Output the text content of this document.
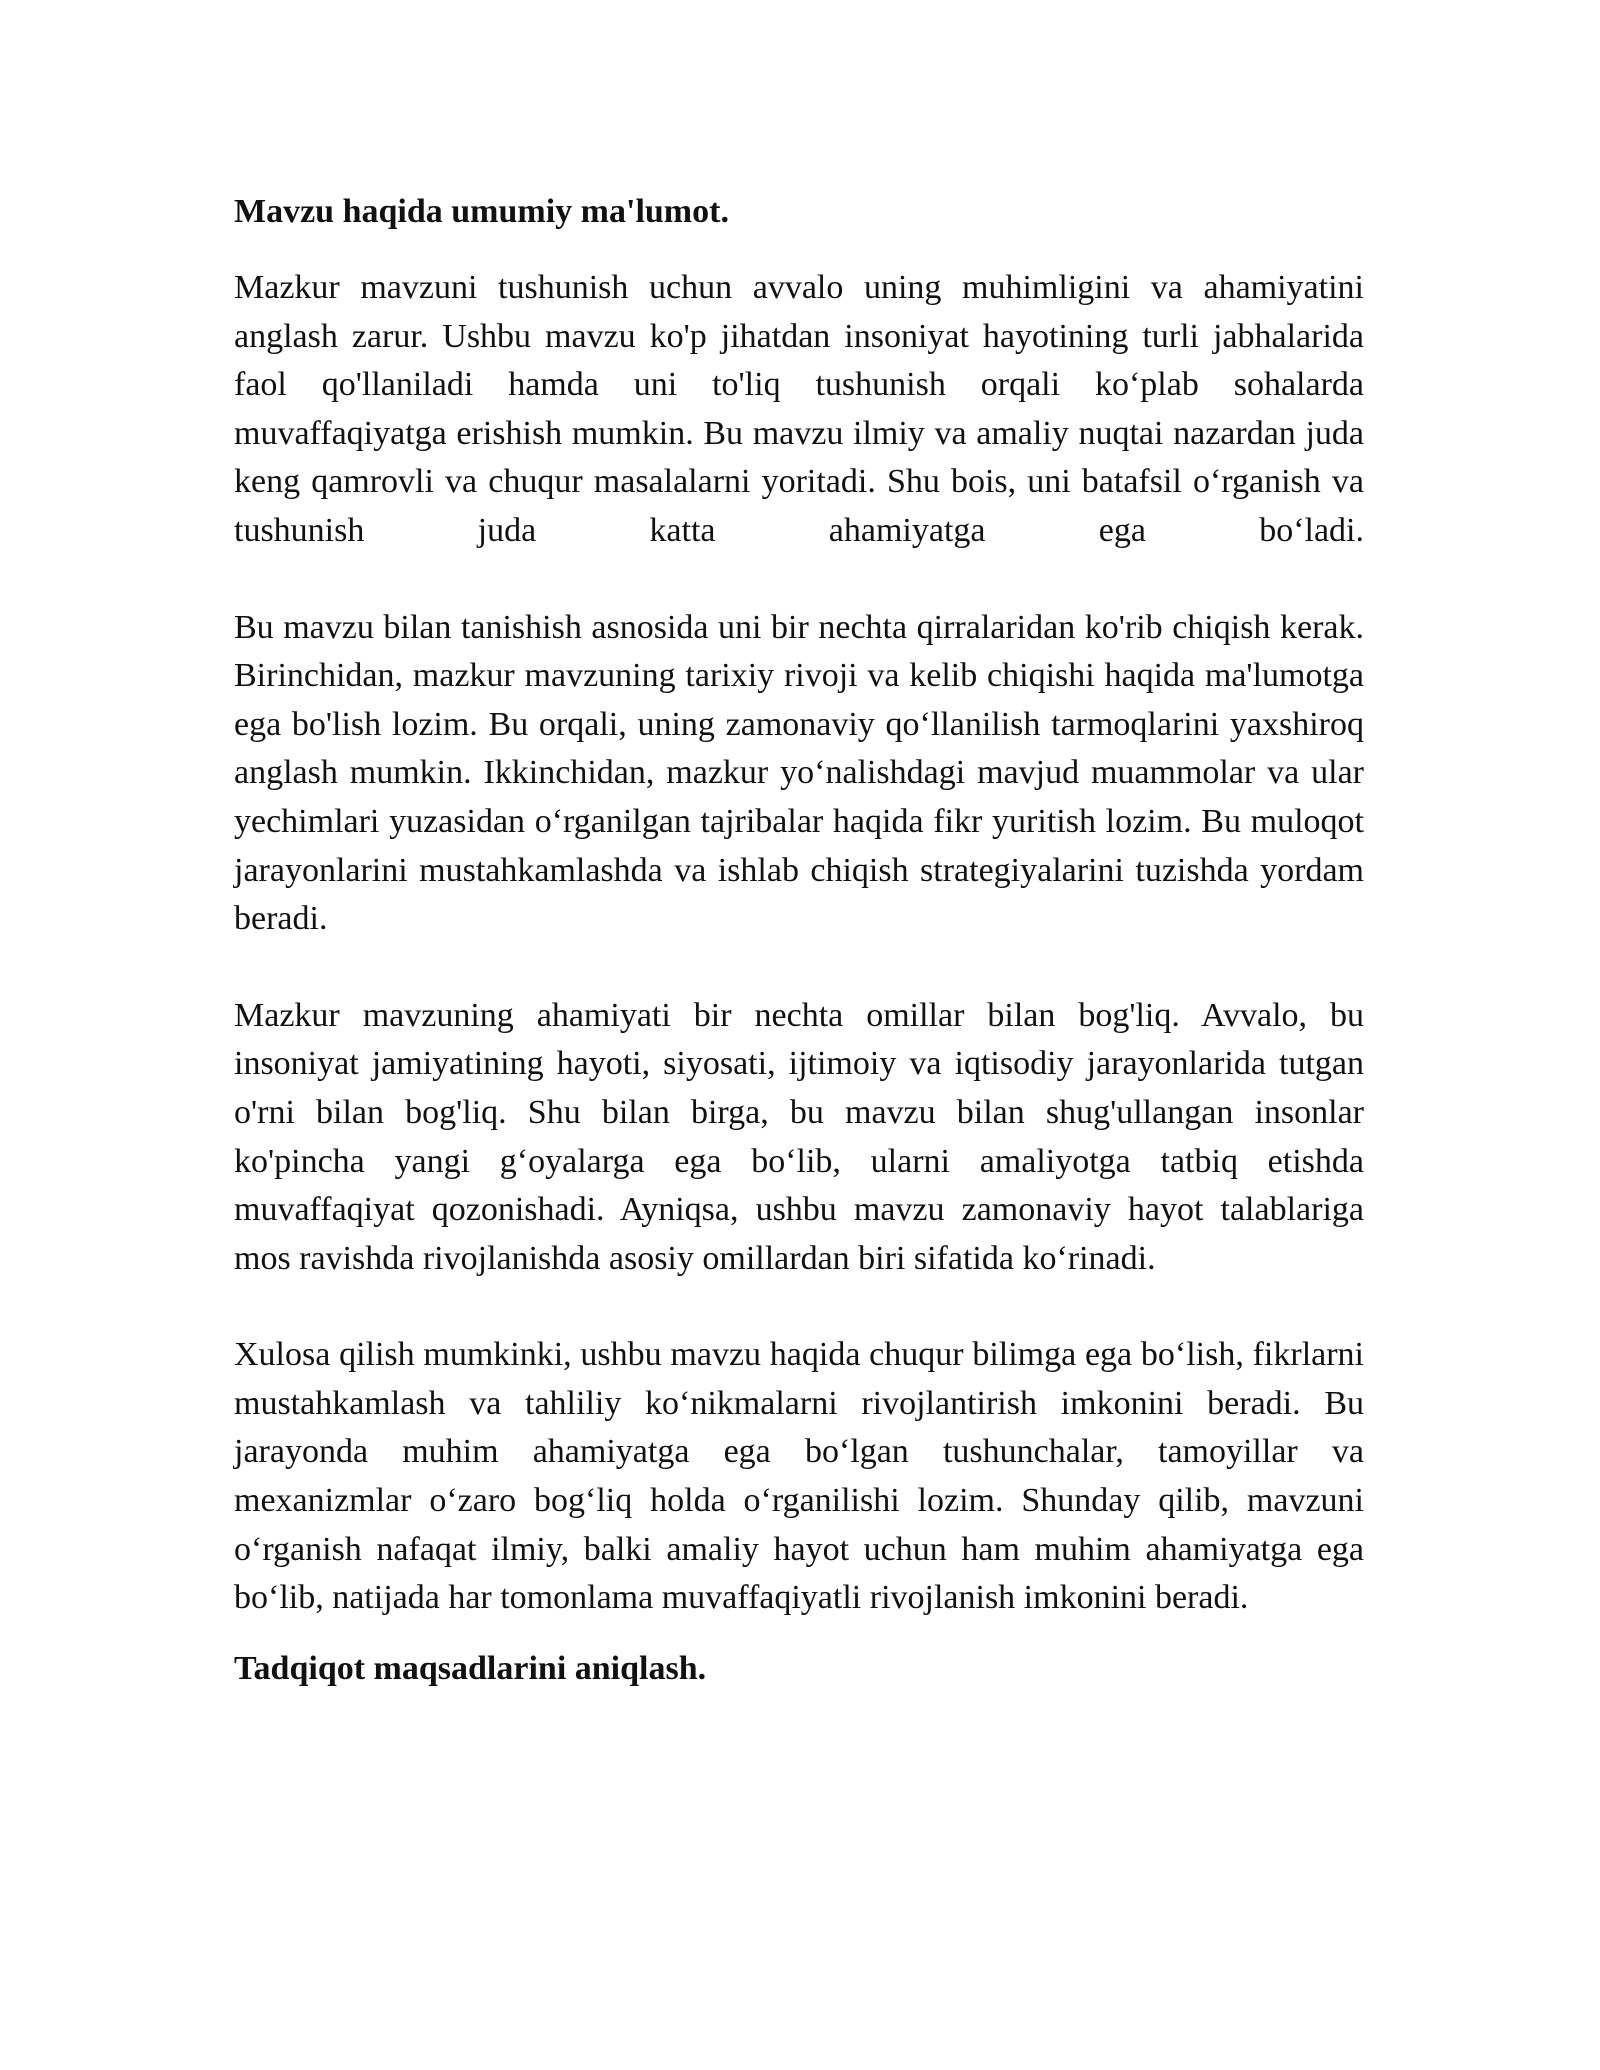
Mavzu haqida umumiy ma'lumot.

Mazkur mavzuni tushunish uchun avvalo uning muhimligini va ahamiyatini anglash zarur. Ushbu mavzu ko'p jihatdan insoniyat hayotining turli jabhalarida faol qo'llaniladi hamda uni to'liq tushunish orqali ko‘plab sohalarda muvaffaqiyatga erishish mumkin. Bu mavzu ilmiy va amaliy nuqtai nazardan juda keng qamrovli va chuqur masalalarni yoritadi. Shu bois, uni batafsil o‘rganish va tushunish juda katta ahamiyatga ega bo‘ladi.

Bu mavzu bilan tanishish asnosida uni bir nechta qirralaridan ko'rib chiqish kerak. Birinchidan, mazkur mavzuning tarixiy rivoji va kelib chiqishi haqida ma'lumotga ega bo'lish lozim. Bu orqali, uning zamonaviy qo‘llanilish tarmoqlarini yaxshiroq anglash mumkin. Ikkinchidan, mazkur yo‘nalishdagi mavjud muammolar va ular yechimlari yuzasidan o‘rganilgan tajribalar haqida fikr yuritish lozim. Bu muloqot jarayonlarini mustahkamlashda va ishlab chiqish strategiyalarini tuzishda yordam beradi.

Mazkur mavzuning ahamiyati bir nechta omillar bilan bog'liq. Avvalo, bu insoniyat jamiyatining hayoti, siyosati, ijtimoiy va iqtisodiy jarayonlarida tutgan o'rni bilan bog'liq. Shu bilan birga, bu mavzu bilan shug'ullangan insonlar ko'pincha yangi g‘oyalarga ega bo‘lib, ularni amaliyotga tatbiq etishda muvaffaqiyat qozonishadi. Ayniqsa, ushbu mavzu zamonaviy hayot talablariga mos ravishda rivojlanishda asosiy omillardan biri sifatida ko‘rinadi.

Xulosa qilish mumkinki, ushbu mavzu haqida chuqur bilimga ega bo‘lish, fikrlarni mustahkamlash va tahliliy ko‘nikmalarni rivojlantirish imkonini beradi. Bu jarayonda muhim ahamiyatga ega bo‘lgan tushunchalar, tamoyillar va mexanizmlar o‘zaro bog‘liq holda o‘rganilishi lozim. Shunday qilib, mavzuni o‘rganish nafaqat ilmiy, balki amaliy hayot uchun ham muhim ahamiyatga ega bo‘lib, natijada har tomonlama muvaffaqiyatli rivojlanish imkonini beradi.

Tadqiqot maqsadlarini aniqlash.
